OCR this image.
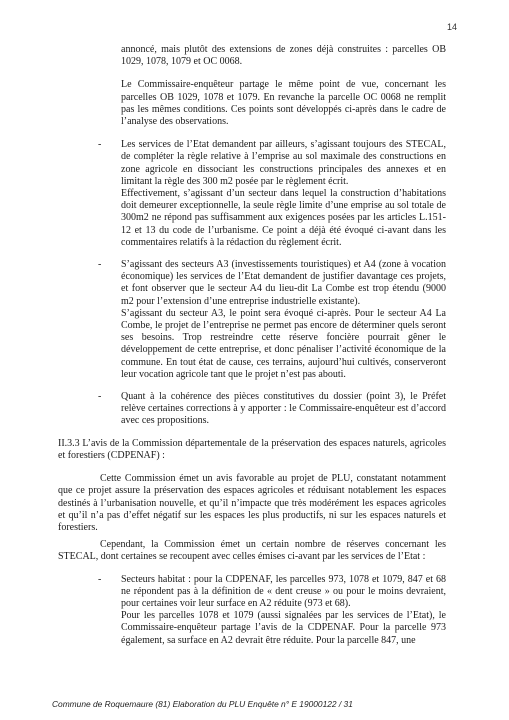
14

annoncé, mais plutôt des extensions de zones déjà construites : parcelles OB 1029, 1078, 1079 et OC 0068.

Le Commissaire-enquêteur partage le même point de vue, concernant les parcelles OB 1029, 1078 et 1079. En revanche la parcelle OC 0068 ne remplit pas les mêmes conditions. Ces points sont développés ci-après dans le cadre de l’analyse des observations.

- Les services de l’Etat demandent par ailleurs, s’agissant toujours des STECAL, de compléter la règle relative à l’emprise au sol maximale des constructions en zone agricole en dissociant les constructions principales des annexes et en limitant la règle des 300 m2 posée par le règlement écrit.
Effectivement, s’agissant d’un secteur dans lequel la construction d’habitations doit demeurer exceptionnelle, la seule règle limite d’une emprise au sol totale de 300m2 ne répond pas suffisamment aux exigences posées par les articles L.151-12 et 13 du code de l’urbanisme. Ce point a déjà été évoqué ci-avant dans les commentaires relatifs à la rédaction du règlement écrit.
- S’agissant des secteurs A3 (investissements touristiques) et A4 (zone à vocation économique) les services de l’Etat demandent de justifier davantage ces projets, et font observer que le secteur A4 du lieu-dit La Combe est trop étendu (9000 m2 pour l’extension d’une entreprise industrielle existante).
S’agissant du secteur A3, le point sera évoqué ci-après. Pour le secteur A4 La Combe, le projet de l’entreprise ne permet pas encore de déterminer quels seront ses besoins. Trop restreindre cette réserve foncière pourrait gêner le développement de cette entreprise, et donc pénaliser l’activité économique de la commune. En tout état de cause, ces terrains, aujourd’hui cultivés, conserveront leur vocation agricole tant que le projet n’est pas abouti.
- Quant à la cohérence des pièces constitutives du dossier (point 3), le Préfet relève certaines corrections à y apporter : le Commissaire-enquêteur est d’accord avec ces propositions.

II.3.3 L’avis de la Commission départementale de la préservation des espaces naturels, agricoles et forestiers (CDPENAF) :

Cette Commission émet un avis favorable au projet de PLU, constatant notamment que ce projet assure la préservation des espaces agricoles et réduisant notablement les espaces destinés à l’urbanisation nouvelle, et qu’il n’impacte que très modérément les espaces agricoles et qu’il n’a pas d’effet négatif sur les espaces les plus productifs, ni sur les espaces naturels et forestiers.

Cependant, la Commission émet un certain nombre de réserves concernant les STECAL, dont certaines se recoupent avec celles émises ci-avant par les services de l’Etat :

- Secteurs habitat : pour la CDPENAF, les parcelles 973, 1078 et 1079, 847 et 68 ne répondent pas à la définition de « dent creuse » ou pour le moins devraient, pour certaines voir leur surface en A2 réduite (973 et 68).
Pour les parcelles 1078 et 1079 (aussi signalées par les services de l’Etat), le Commissaire-enquêteur partage l’avis de la CDPENAF. Pour la parcelle 973 également, sa surface en A2 devrait être réduite. Pour la parcelle 847, une
Commune de Roquemaure (81) Elaboration du PLU Enquête n° E 19000122 / 31
